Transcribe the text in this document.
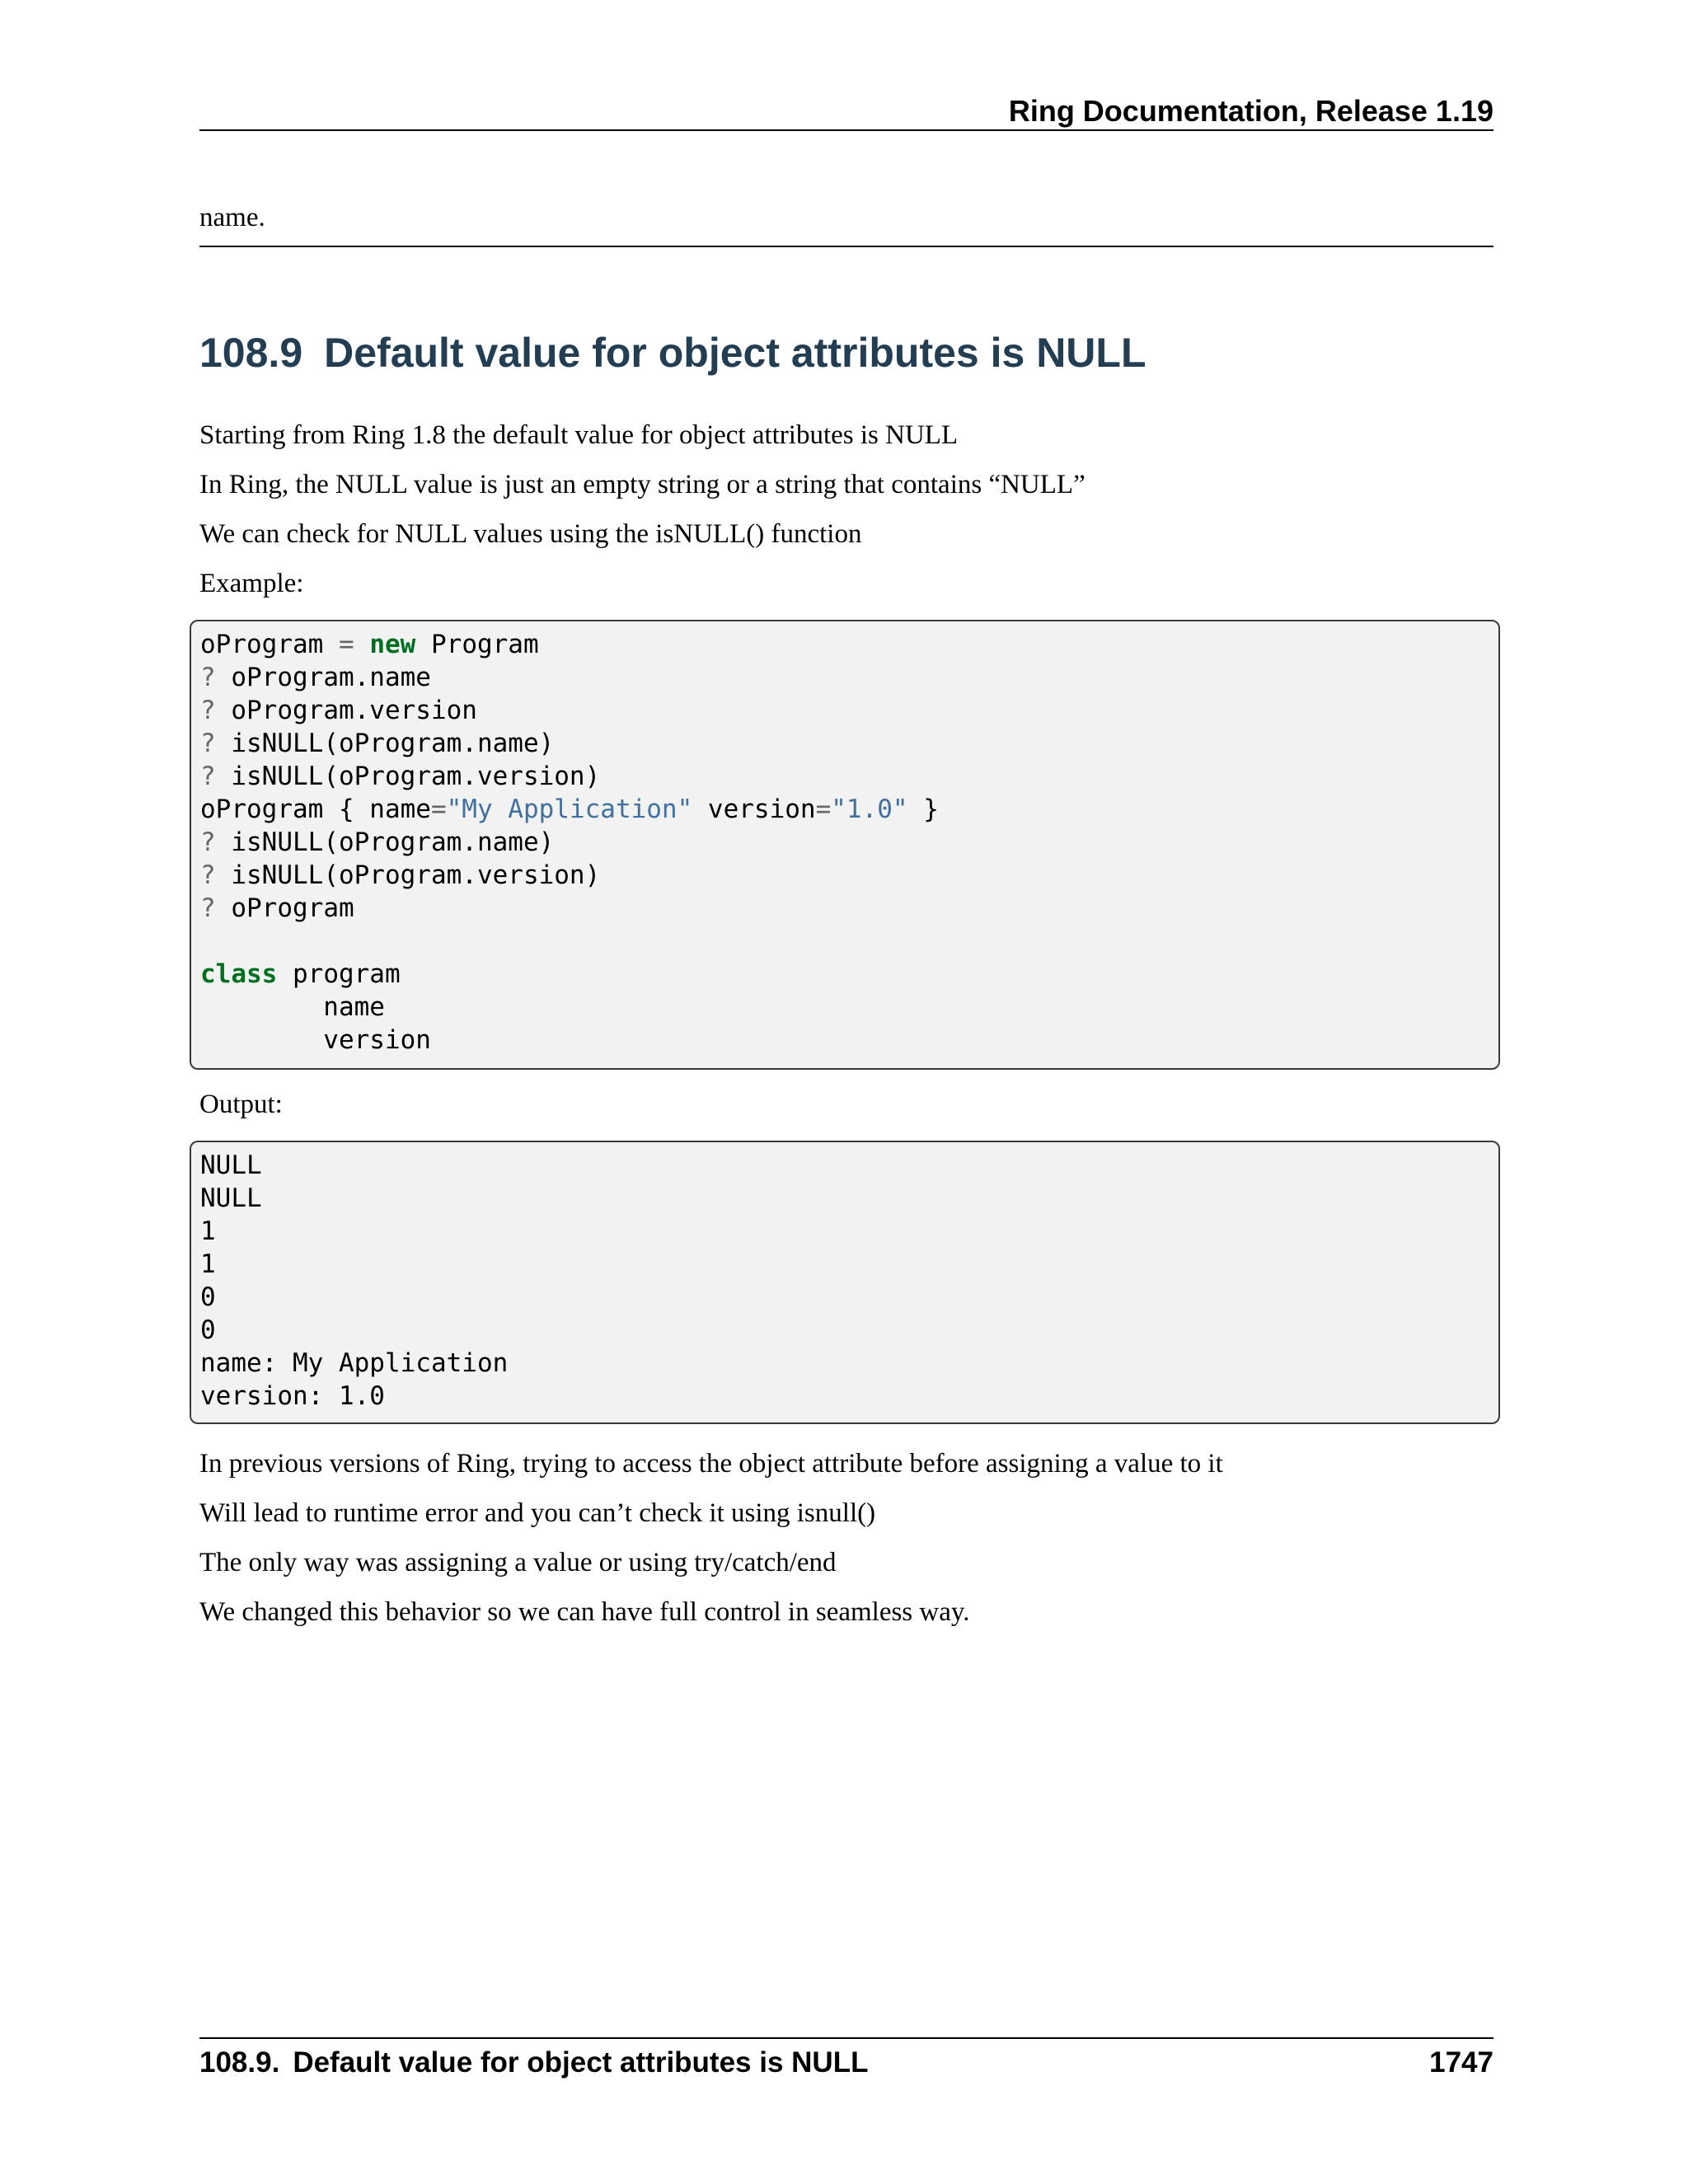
Ring Documentation, Release 1.19
name.
108.9 Default value for object attributes is NULL
Starting from Ring 1.8 the default value for object attributes is NULL
In Ring, the NULL value is just an empty string or a string that contains “NULL”
We can check for NULL values using the isNULL() function
Example:
oProgram = new Program
? oProgram.name
? oProgram.version
? isNULL(oProgram.name)
? isNULL(oProgram.version)
oProgram { name="My Application" version="1.0" }
? isNULL(oProgram.name)
? isNULL(oProgram.version)
? oProgram
class program
name
version
Output:
NULL
NULL
1
1
0
0
name: My Application
version: 1.0
In previous versions of Ring, trying to access the object attribute before assigning a value to it
Will lead to runtime error and you can’t check it using isnull()
The only way was assigning a value or using try/catch/end
We changed this behavior so we can have full control in seamless way.
108.9. Default value for object attributes is NULL	1747
